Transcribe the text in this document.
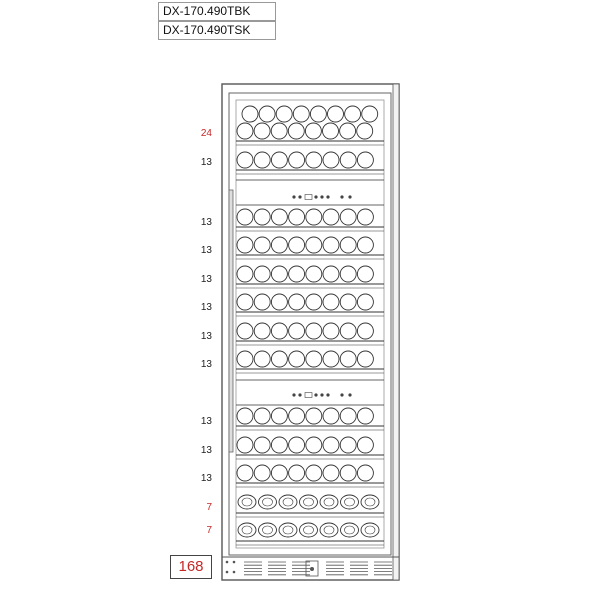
DX-170.490TBK
DX-170.490TSK
24
13
13
13
13
13
13
13
13
13
13
7
7
168
